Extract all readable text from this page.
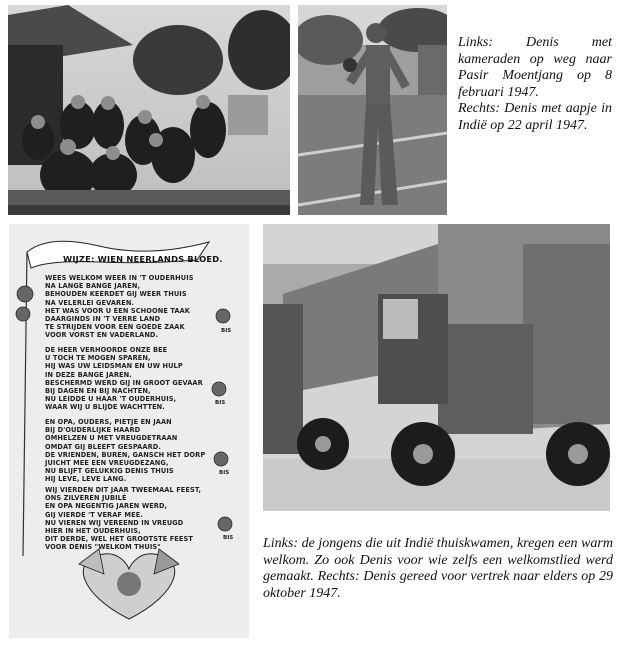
Links: Denis met kameraden op weg naar Pasir Moentjang op 8 februari 1947.

Rechts: Denis met aapje in Indië op 22 april 1947.

WIJZE: WIEN NEERLANDS BLOED.
WEES WELKOM WEER IN 'T OUDERHUIS
NA LANGE BANGE JAREN,
BEHOUDEN KEERDET GIJ WEER THUIS
NA VELERLEI GEVAREN.
HET WAS VOOR U EEN SCHOONE TAAK
DAARGINDS IN 'T VERRE LAND
TE STRIJDEN VOOR EEN GOEDE ZAAK
VOOR VORST EN VADERLAND.
DE HEER VERHOORDE ONZE BEE
U TOCH TE MOGEN SPAREN,
HIJ WAS UW LEIDSMAN EN UW HULP
IN DEZE BANGE JAREN.
BESCHERMD WERD GIJ IN GROOT GEVAAR
BIJ DAGEN EN BIJ NACHTEN,
NU LEIDDE U HAAR 'T OUDERHUIS,
WAAR WIJ U BLIJDE WACHTTEN.
EN OPA, OUDERS, PIETJE EN JAAN
BIJ D'OUDERLIJKE HAARD
OMHELZEN U MET VREUGDETRAAN
OMDAT GIJ BLEEFT GESPAARD.
DE VRIENDEN, BUREN, GANSCH HET DORP
JUICHT MEE EEN VREUGDEZANG,
NU BLIJFT GELUKKIG DENIS THUIS
HIJ LEVE, LEVE LANG.
WIJ VIERDEN DIT JAAR TWEEMAAL FEEST,
ONS ZILVEREN JUBILÉ
EN OPA NEGENTIG JAREN WERD,
GIJ VIERDE 'T VERAF MEE.
NU VIEREN WIJ VEREEND IN VREUGD
HIER IN HET OUDERHUIS,
DIT DERDE, WEL HET GROOTSTE FEEST
VOOR DENIS "WELKOM THUIS"
BIS
BIS
BIS
BIS Links: de jongens die uit Indië thuiskwamen, kregen een warm welkom. Zo ook Denis voor wie zelfs een welkomstlied werd gemaakt. Rechts: Denis gereed voor vertrek naar elders op 29 oktober 1947.
